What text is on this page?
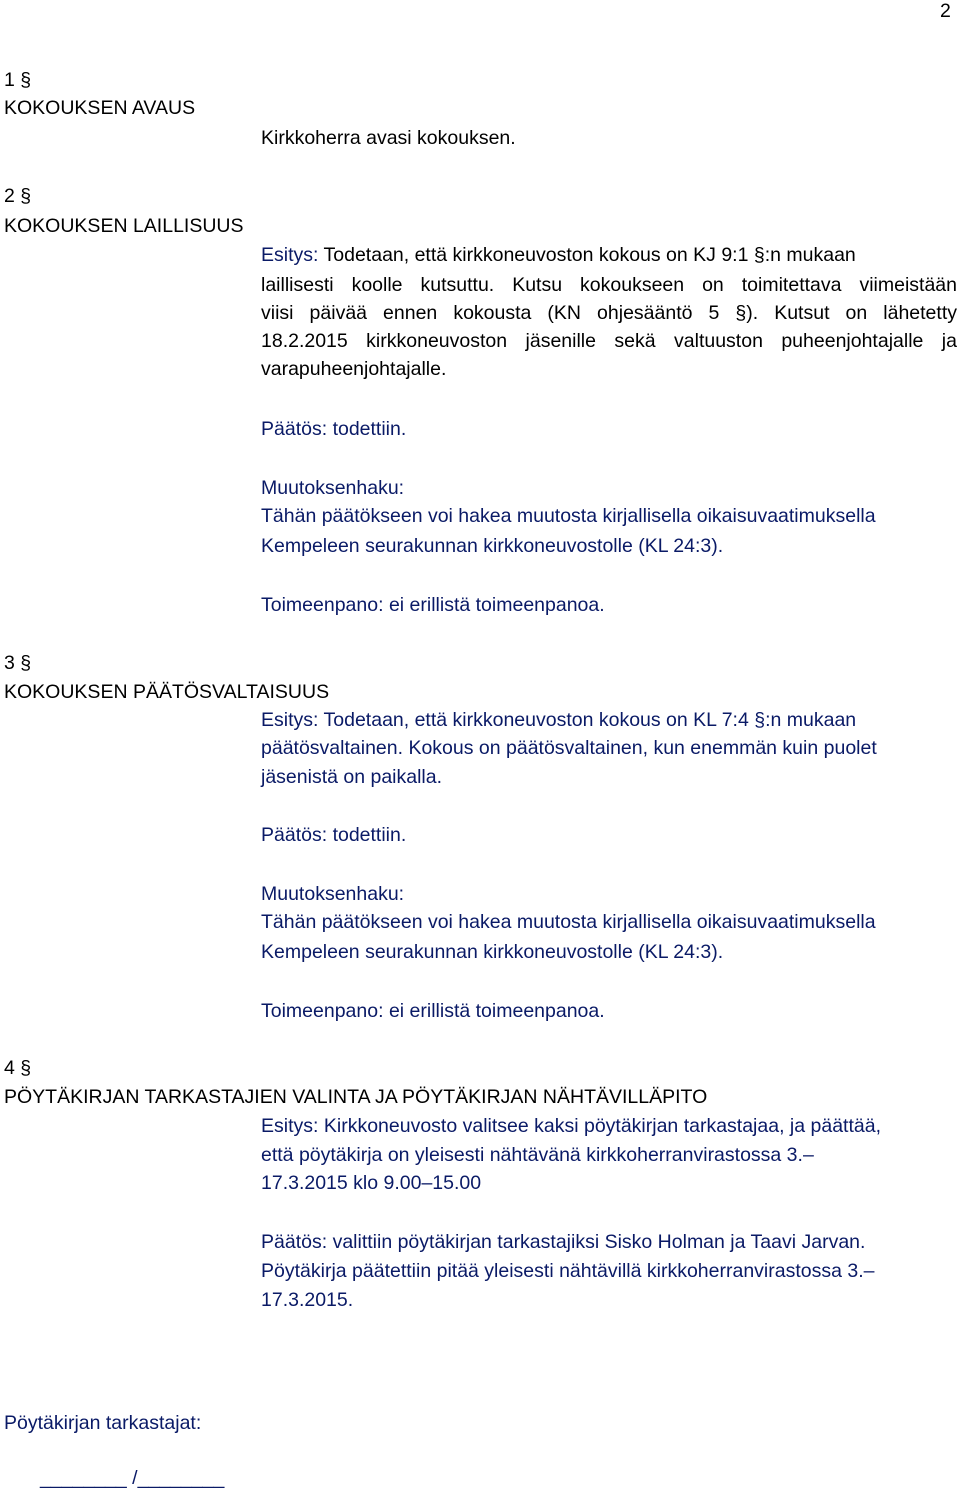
2
1 §
KOKOUKSEN AVAUS
Kirkkoherra avasi kokouksen.
2 §
KOKOUKSEN LAILLISUUS
Esitys: Todetaan, että kirkkoneuvoston kokous on KJ 9:1 §:n mukaan
laillisesti koolle kutsuttu. Kutsu kokoukseen on toimitettava viimeistään
viisi päivää ennen kokousta (KN ohjesääntö 5 §). Kutsut on lähetetty
18.2.2015 kirkkoneuvoston jäsenille sekä valtuuston puheenjohtajalle ja
varapuheenjohtajalle.
Päätös: todettiin.
Muutoksenhaku:
Tähän päätökseen voi hakea muutosta kirjallisella oikaisuvaatimuksella
Kempeleen seurakunnan kirkkoneuvostolle (KL 24:3).
Toimeenpano: ei erillistä toimeenpanoa.
3 §
KOKOUKSEN PÄÄTÖSVALTAISUUS
Esitys: Todetaan, että kirkkoneuvoston kokous on KL 7:4 §:n mukaan
päätösvaltainen. Kokous on päätösvaltainen, kun enemmän kuin puolet
jäsenistä on paikalla.
Päätös: todettiin.
Muutoksenhaku:
Tähän päätökseen voi hakea muutosta kirjallisella oikaisuvaatimuksella
Kempeleen seurakunnan kirkkoneuvostolle (KL 24:3).
Toimeenpano: ei erillistä toimeenpanoa.
4 §
PÖYTÄKIRJAN TARKASTAJIEN VALINTA JA PÖYTÄKIRJAN NÄHTÄVILLÄPITO
Esitys: Kirkkoneuvosto valitsee kaksi pöytäkirjan tarkastajaa, ja päättää,
että pöytäkirja on yleisesti nähtävänä kirkkoherranvirastossa 3.–
17.3.2015 klo 9.00–15.00
Päätös: valittiin pöytäkirjan tarkastajiksi Sisko Holman ja Taavi Jarvan.
Pöytäkirja päätettiin pitää yleisesti nähtävillä kirkkoherranvirastossa 3.–
17.3.2015.
Pöytäkirjan tarkastajat:
________ /________
